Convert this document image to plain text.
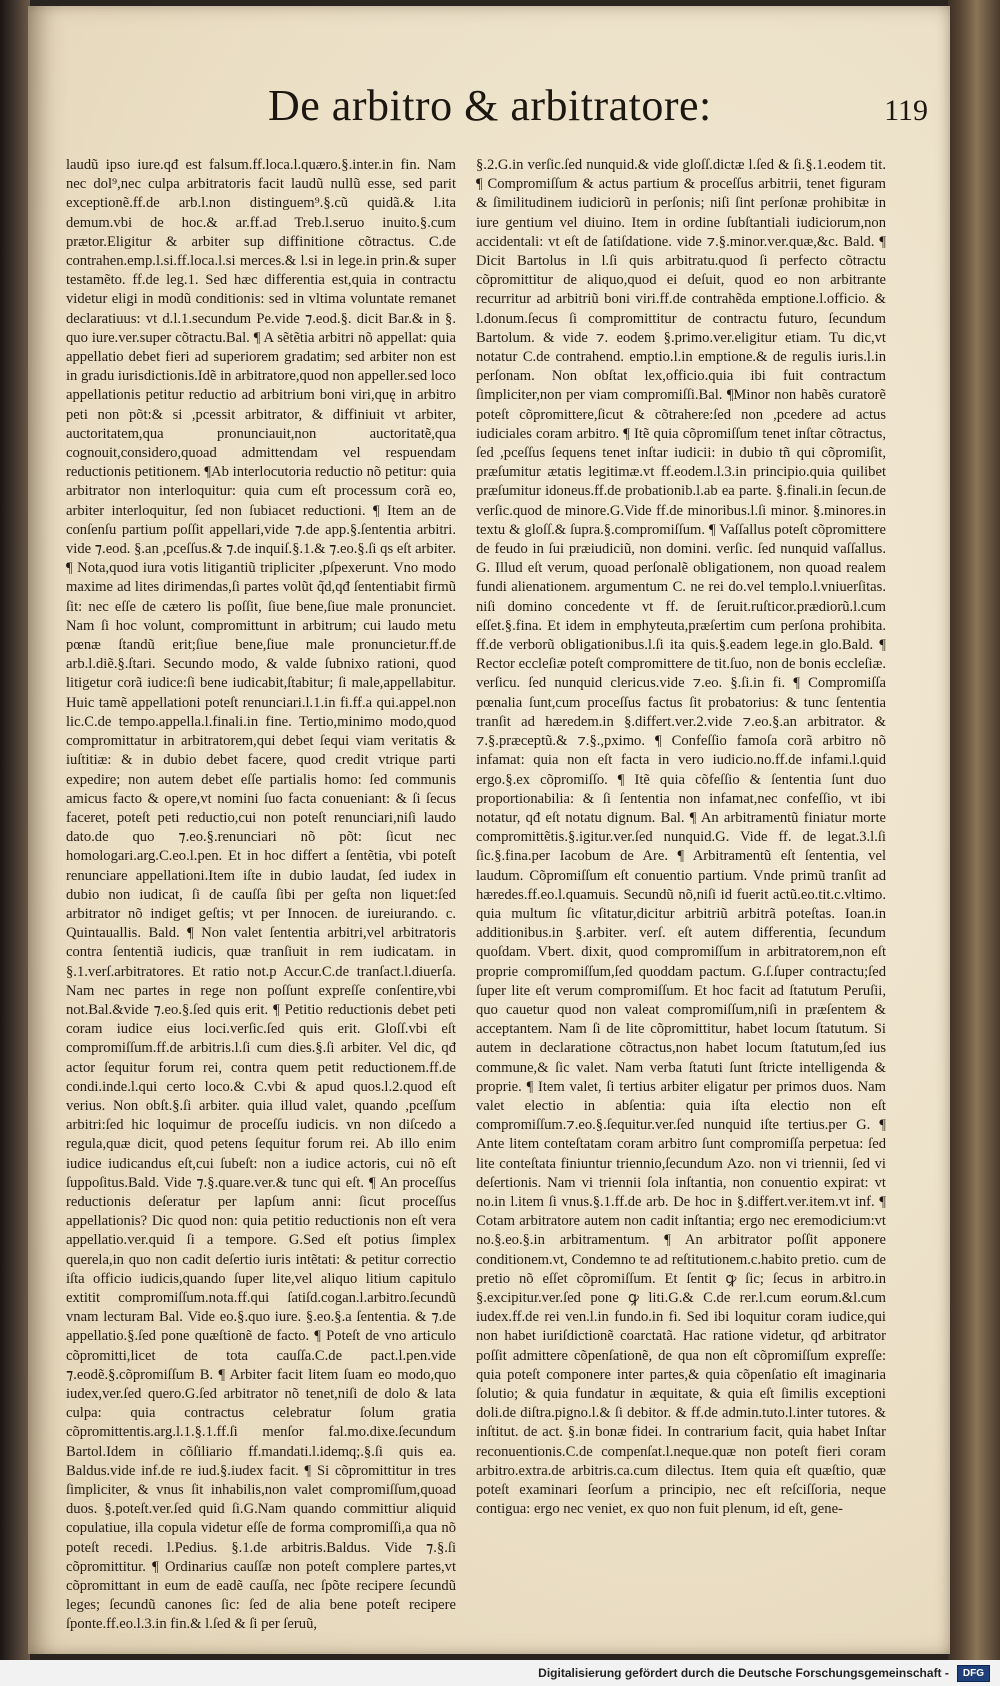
De arbitro & arbitratore:	119

laudũ ipso iure.qđ est falsum.ff.loca.l.quæro.§.inter.in fin. Nam nec dol⁹,nec culpa arbitratoris facit laudũ nullũ esse, sed parit exceptionẽ.ff.de arb.l.non distinguem⁹.§.cũ quidã.& l.ita demum.vbi de hoc.& ar.ff.ad Treb.l.seruo inuito.§.cum prætor.Eligitur & arbiter sup diffinitione cõtractus. C.de contrahen.emp.l.si.ff.loca.l.si merces.& l.si in lege.in prin.& super testamẽto. ff.de leg.1. Sed hæc differentia est,quia in contractu videtur eligi in modũ conditionis: sed in vltima voluntate remanet declaratiuus: vt d.l.1.secundum Pe.vide ⁊.eod.§. dicit Bar.& in §. quo iure.ver.super cõtractu.Bal. ¶ A sẽtẽtia arbitri nõ appellat: quia appellatio debet fieri ad superiorem gradatim; sed arbiter non est in gradu iurisdictionis.Idẽ in arbitratore,quod non appeller.sed loco appellationis petitur reductio ad arbitrium boni viri,quę in arbitro peti non põt:& si ,pcessit arbitrator, & diffiniuit vt arbiter, auctoritatem,qua pronunciauit,non auctoritatẽ,qua cognouit,considero,quoad admittendam vel respuendam reductionis petitionem. ¶Ab interlocutoria reductio nõ petitur: quia arbitrator non interloquitur: quia cum eſt processum corã eo, arbiter interloquitur, ſed non ſubiacet reductioni. ¶ Item an de conſenſu partium poſſit appellari,vide ⁊.de app.§.ſententia arbitri. vide ⁊.eod. §.an ,pceſſus.& ⁊.de inquiſ.§.1.& ⁊.eo.§.ſi qs eſt arbiter. ¶ Nota,quod iura votis litigantiũ tripliciter ,pſpexerunt. Vno modo maxime ad lites dirimendas,ſi partes volũt q̃d,qđ ſententiabit firmũ ſit: nec eſſe de cætero lis poſſit, ſiue bene,ſiue male pronunciet. Nam ſi hoc volunt, compromittunt in arbitrum; cui laudo metu pœnæ ſtandũ erit;ſiue bene,ſiue male pronuncietur.ff.de arb.l.diẽ.§.ſtari. Secundo modo, & valde ſubnixo rationi, quod litigetur corã iudice:ſi bene iudicabit,ſtabitur; ſi male,appellabitur. Huic tamẽ appellationi poteſt renunciari.l.1.in fi.ff.a qui.appel.non lic.C.de tempo.appella.l.finali.in fine. Tertio,minimo modo,quod compromittatur in arbitratorem,qui debet ſequi viam veritatis & iuſtitiæ: & in dubio debet facere, quod credit vtrique parti expedire; non autem debet eſſe partialis homo: ſed communis amicus facto & opere,vt nomini ſuo facta conueniant: & ſi ſecus faceret, poteſt peti reductio,cui non poteſt renunciari,niſi laudo dato.de quo ⁊.eo.§.renunciari nõ põt: ſicut nec homologari.arg.C.eo.l.pen. Et in hoc differt a ſentẽtia, vbi poteſt renunciare appellationi.Item iſte in dubio laudat, ſed iudex in dubio non iudicat, ſi de cauſſa ſibi per geſta non liquet:ſed arbitrator nõ indiget geſtis; vt per Innocen. de iureiurando. c. Quintauallis. Bald. ¶ Non valet ſententia arbitri,vel arbitratoris contra ſententiã iudicis, quæ tranſiuit in rem iudicatam. in §.1.verſ.arbitratores. Et ratio not.p Accur.C.de tranſact.l.diuerſa. Nam nec partes in rege non poſſunt expreſſe conſentire,vbi not.Bal.&vide ⁊.eo.§.ſed quis erit. ¶ Petitio reductionis debet peti coram iudice eius loci.verſic.ſed quis erit. Gloſſ.vbi eſt compromiſſum.ff.de arbitris.l.ſi cum dies.§.ſi arbiter. Vel dic, qđ actor ſequitur forum rei, contra quem petit reductionem.ff.de condi.inde.l.qui certo loco.& C.vbi & apud quos.l.2.quod eſt verius. Non obſt.§.ſi arbiter. quia illud valet, quando ,pceſſum arbitri:ſed hic loquimur de proceſſu iudicis. vn non diſcedo a regula,quæ dicit, quod petens ſequitur forum rei. Ab illo enim iudice iudicandus eſt,cui ſubeſt: non a iudice actoris, cui nõ eſt ſuppoſitus.Bald. Vide ⁊.§.quare.ver.& tunc qui eſt. ¶ An proceſſus reductionis deſeratur per lapſum anni: ſicut proceſſus appellationis? Dic quod non: quia petitio reductionis non eſt vera appellatio.ver.quid ſi a tempore. G.Sed eſt potius ſimplex querela,in quo non cadit deſertio iuris intẽtati: & petitur correctio iſta officio iudicis,quando ſuper lite,vel aliquo litium capitulo extitit compromiſſum.nota.ff.qui ſatiſd.cogan.l.arbitro.ſecundũ vnam lecturam Bal. Vide eo.§.quo iure. §.eo.§.a ſententia. & ⁊.de appellatio.§.ſed pone quæſtionẽ de facto. ¶ Poteſt de vno articulo cõpromitti,licet de tota cauſſa.C.de pact.l.pen.vide ⁊.eodẽ.§.cõpromiſſum B. ¶ Arbiter facit litem ſuam eo modo,quo iudex,ver.ſed quero.G.ſed arbitrator nõ tenet,niſi de dolo & lata culpa: quia contractus celebratur ſolum gratia cõpromittentis.arg.l.1.§.1.ff.ſi menſor fal.mo.dixe.ſecundum Bartol.Idem in cõſiliario ff.mandati.l.idemq;.§.ſi quis ea. Baldus.vide inf.de re iud.§.iudex facit. ¶ Si cõpromittitur in tres ſimpliciter, & vnus ſit inhabilis,non valet compromiſſum,quoad duos. §.poteſt.ver.ſed quid ſi.G.Nam quando committiur aliquid copulatiue, illa copula videtur eſſe de forma compromiſſi,a qua nõ poteſt recedi. l.Pedius. §.1.de arbitris.Baldus. Vide ⁊.§.ſi cõpromittitur. ¶ Ordinarius cauſſæ non poteſt complere partes,vt cõpromittant in eum de eadẽ cauſſa, nec ſpõte recipere ſecundũ leges; ſecundũ canones ſic: ſed de alia bene poteſt recipere ſponte.ff.eo.l.3.in fin.& l.ſed & ſi per ſeruũ,

§.2.G.in verſic.ſed nunquid.& vide gloſſ.dictæ l.ſed & ſi.§.1.eodem tit. ¶ Compromiſſum & actus partium & proceſſus arbitrii, tenet figuram & ſimilitudinem iudiciorũ in perſonis; niſi ſint perſonæ prohibitæ in iure gentium vel diuino. Item in ordine ſubſtantiali iudiciorum,non accidentali: vt eſt de ſatiſdatione. vide ⁊.§.minor.ver.quæ,&c. Bald. ¶ Dicit Bartolus in l.ſi quis arbitratu.quod ſi perfecto cõtractu cõpromittitur de aliquo,quod ei deſuit, quod eo non arbitrante recurritur ad arbitriũ boni viri.ff.de contrahẽda emptione.l.officio. & l.donum.ſecus ſi compromittitur de contractu futuro, ſecundum Bartolum. & vide ⁊. eodem §.primo.ver.eligitur etiam. Tu dic,vt notatur C.de contrahend. emptio.l.in emptione.& de regulis iuris.l.in perſonam. Non obſtat lex,officio.quia ibi fuit contractum ſimpliciter,non per viam compromiſſi.Bal. ¶Minor non habẽs curatorẽ poteſt cõpromittere,ſicut & cõtrahere:ſed non ,pcedere ad actus iudiciales coram arbitro. ¶ Itẽ quia cõpromiſſum tenet inſtar cõtractus, ſed ,pceſſus ſequens tenet inſtar iudicii: in dubio tñ qui cõpromiſit, præſumitur ætatis legitimæ.vt ff.eodem.l.3.in principio.quia quilibet præſumitur idoneus.ff.de probationib.l.ab ea parte. §.finali.in ſecun.de verſic.quod de minore.G.Vide ff.de minoribus.l.ſi minor. §.minores.in textu & gloſſ.& ſupra.§.compromiſſum. ¶ Vaſſallus poteſt cõpromittere de feudo in ſui præiudiciũ, non domini. verſic. ſed nunquid vaſſallus. G. Illud eſt verum, quoad perſonalẽ obligationem, non quoad realem fundi alienationem. argumentum C. ne rei do.vel templo.l.vniuerſitas. niſi domino concedente vt ff. de ſeruit.ruſticor.prædiorũ.l.cum eſſet.§.fina. Et idem in emphyteuta,præſertim cum perſona prohibita. ff.de verborũ obligationibus.l.ſi ita quis.§.eadem lege.in glo.Bald. ¶ Rector eccleſiæ poteſt compromittere de tit.ſuo, non de bonis eccleſiæ. verſicu. ſed nunquid clericus.vide ⁊.eo. §.ſi.in fi. ¶ Compromiſſa pœnalia ſunt,cum proceſſus factus ſit probatorius: & tunc ſententia tranſit ad hæredem.in §.differt.ver.2.vide ⁊.eo.§.an arbitrator. & ⁊.§.præceptũ.& ⁊.§.,pximo. ¶ Confeſſio famoſa corã arbitro nõ infamat: quia non eſt facta in vero iudicio.no.ff.de infami.l.quid ergo.§.ex cõpromiſſo. ¶ Itẽ quia cõfeſſio & ſententia ſunt duo proportionabilia: & ſi ſententia non infamat,nec confeſſio, vt ibi notatur, qđ eſt notatu dignum. Bal. ¶ An arbitramentũ finiatur morte compromittẽtis.§.igitur.ver.ſed nunquid.G. Vide ff. de legat.3.l.ſi ſic.§.fina.per Iacobum de Are. ¶ Arbitramentũ eſt ſententia, vel laudum. Cõpromiſſum eſt conuentio partium. Vnde primũ tranſit ad hæredes.ff.eo.l.quamuis. Secundũ nõ,niſi id fuerit actũ.eo.tit.c.vltimo. quia multum ſic vſitatur,dicitur arbitriũ arbitrã poteſtas. Ioan.in additionibus.in §.arbiter. verſ. eſt autem differentia, ſecundum quoſdam. Vbert. dixit, quod compromiſſum in arbitratorem,non eſt proprie compromiſſum,ſed quoddam pactum. G.ſ.ſuper contractu;ſed ſuper lite eſt verum compromiſſum. Et hoc facit ad ſtatutum Peruſii, quo cauetur quod non valeat compromiſſum,niſi in præſentem & acceptantem. Nam ſi de lite cõpromittitur, habet locum ſtatutum. Si autem in declaratione cõtractus,non habet locum ſtatutum,ſed ius commune,& ſic valet. Nam verba ſtatuti ſunt ſtricte intelligenda & proprie. ¶ Item valet, ſi tertius arbiter eligatur per primos duos. Nam valet electio in abſentia: quia iſta electio non eſt compromiſſum.⁊.eo.§.ſequitur.ver.ſed nunquid iſte tertius.per G. ¶ Ante litem conteſtatam coram arbitro ſunt compromiſſa perpetua: ſed lite conteſtata finiuntur triennio,ſecundum Azo. non vi triennii, ſed vi deſertionis. Nam vi triennii ſola inſtantia, non conuentio expirat: vt no.in l.item ſi vnus.§.1.ff.de arb. De hoc in §.differt.ver.item.vt inf. ¶ Cotam arbitratore autem non cadit inſtantia; ergo nec eremodicium:vt no.§.eo.§.in arbitramentum. ¶ An arbitrator poſſit apponere conditionem.vt, Condemno te ad reſtitutionem.c.habito pretio. cum de pretio nõ eſſet cõpromiſſum. Et ſentit ꝙ ſic; ſecus in arbitro.in §.excipitur.ver.ſed pone ꝙ liti.G.& C.de rer.l.cum eorum.&l.cum iudex.ff.de rei ven.l.in fundo.in fi. Sed ibi loquitur coram iudice,qui non habet iuriſdictionẽ coarctatã. Hac ratione videtur, qđ arbitrator poſſit admittere cõpenſationẽ, de qua non eſt cõpromiſſum expreſſe: quia poteſt componere inter partes,& quia cõpenſatio eſt imaginaria ſolutio; & quia fundatur in æquitate, & quia eſt ſimilis exceptioni doli.de diſtra.pigno.l.& ſi debitor. & ff.de admin.tuto.l.inter tutores. & inſtitut. de act. §.in bonæ fidei. In contrarium facit, quia habet Inſtar reconuentionis.C.de compenſat.l.neque.quæ non poteſt fieri coram arbitro.extra.de arbitris.ca.cum dilectus. Item quia eſt quæſtio, quæ poteſt examinari ſeorſum a principio, nec eſt reſciſſoria, neque contigua: ergo nec veniet, ex quo non fuit plenum, id eſt, gene-

Digitalisierung gefördert durch die Deutsche Forschungsgemeinschaft -	DFG
